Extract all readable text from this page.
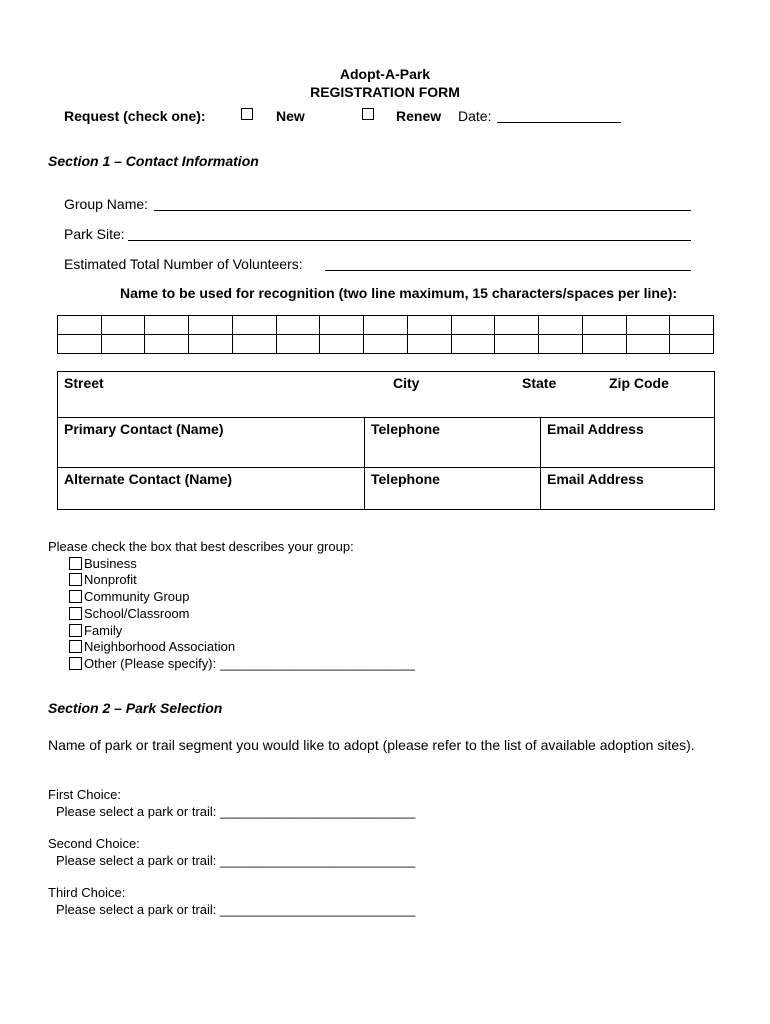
Adopt-A-Park
REGISTRATION FORM
Request (check one):	New	Renew Date:
Section 1 – Contact Information
Group Name:
Park Site:
Estimated Total Number of Volunteers:
Name to be used for recognition (two line maximum, 15 characters/spaces per line):
Street City State Zip Code		

Primary Contact (Name)	Telephone	Email Address
Alternate Contact (Name)	Telephone	Email Address
Please check the box that best describes your group:
Business
Nonprofit
Community Group
School/Classroom
Family
Neighborhood Association
Other (Please specify): ___________________________
Section 2 – Park Selection
Name of park or trail segment you would like to adopt (please refer to the list of available adoption sites).
First Choice:
Please select a park or trail: ___________________________
Second Choice:
Please select a park or trail: ___________________________
Third Choice:
Please select a park or trail: ___________________________
